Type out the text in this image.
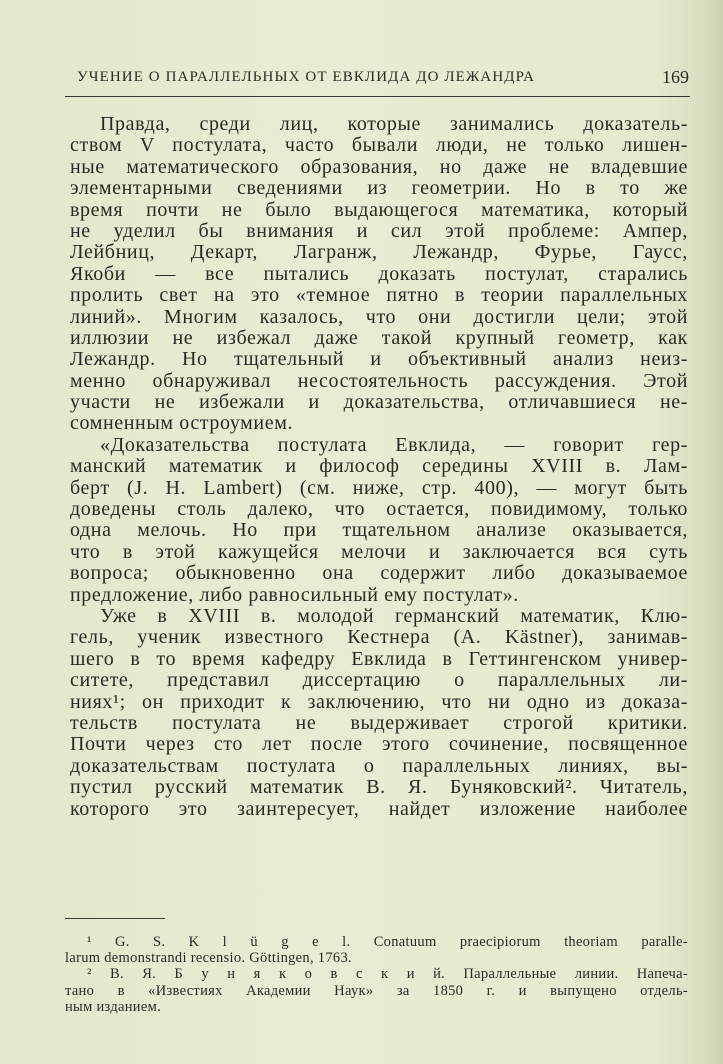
УЧЕНИЕ О ПАРАЛЛЕЛЬНЫХ ОТ ЕВКЛИДА ДО ЛЕЖАНДРА	169
Правда, среди лиц, которые занимались доказатель-
ством V постулата, часто бывали люди, не только лишен-
ные математического образования, но даже не владевшие
элементарными сведениями из геометрии. Но в то же
время почти не было выдающегося математика, который
не уделил бы внимания и сил этой проблеме: Ампер,
Лейбниц, Декарт, Лагранж, Лежандр, Фурье, Гаусс,
Якоби — все пытались доказать постулат, старались
пролить свет на это «темное пятно в теории параллельных
линий». Многим казалось, что они достигли цели; этой
иллюзии не избежал даже такой крупный геометр, как
Лежандр. Но тщательный и объективный анализ неиз-
менно обнаруживал несостоятельность рассуждения. Этой
участи не избежали и доказательства, отличавшиеся не-
сомненным остроумием.
«Доказательства постулата Евклида, — говорит гер-
манский математик и философ середины XVIII в. Лам-
берт (J. H. Lambert) (см. ниже, стр. 400), — могут быть
доведены столь далеко, что остается, повидимому, только
одна мелочь. Но при тщательном анализе оказывается,
что в этой кажущейся мелочи и заключается вся суть
вопроса; обыкновенно она содержит либо доказываемое
предложение, либо равносильный ему постулат».
Уже в XVIII в. молодой германский математик, Клю-
гель, ученик известного Кестнера (A. Kästner), занимав-
шего в то время кафедру Евклида в Геттингенском универ-
ситете, представил диссертацию о параллельных ли-
ниях¹; он приходит к заключению, что ни одно из доказа-
тельств постулата не выдерживает строгой критики.
Почти через сто лет после этого сочинение, посвященное
доказательствам постулата о параллельных линиях, вы-
пустил русский математик В. Я. Буняковский². Читатель,
которого это заинтересует, найдет изложение наиболее
¹ G. S. K l ü g e l. Conatuum praecipiorum theoriam paralle-
larum demonstrandi recensio. Göttingen, 1763.
² В. Я. Б у н я к о в с к и й. Параллельные линии. Напеча-
тано в «Известиях Академии Наук» за 1850 г. и выпущено отдель-
ным изданием.
